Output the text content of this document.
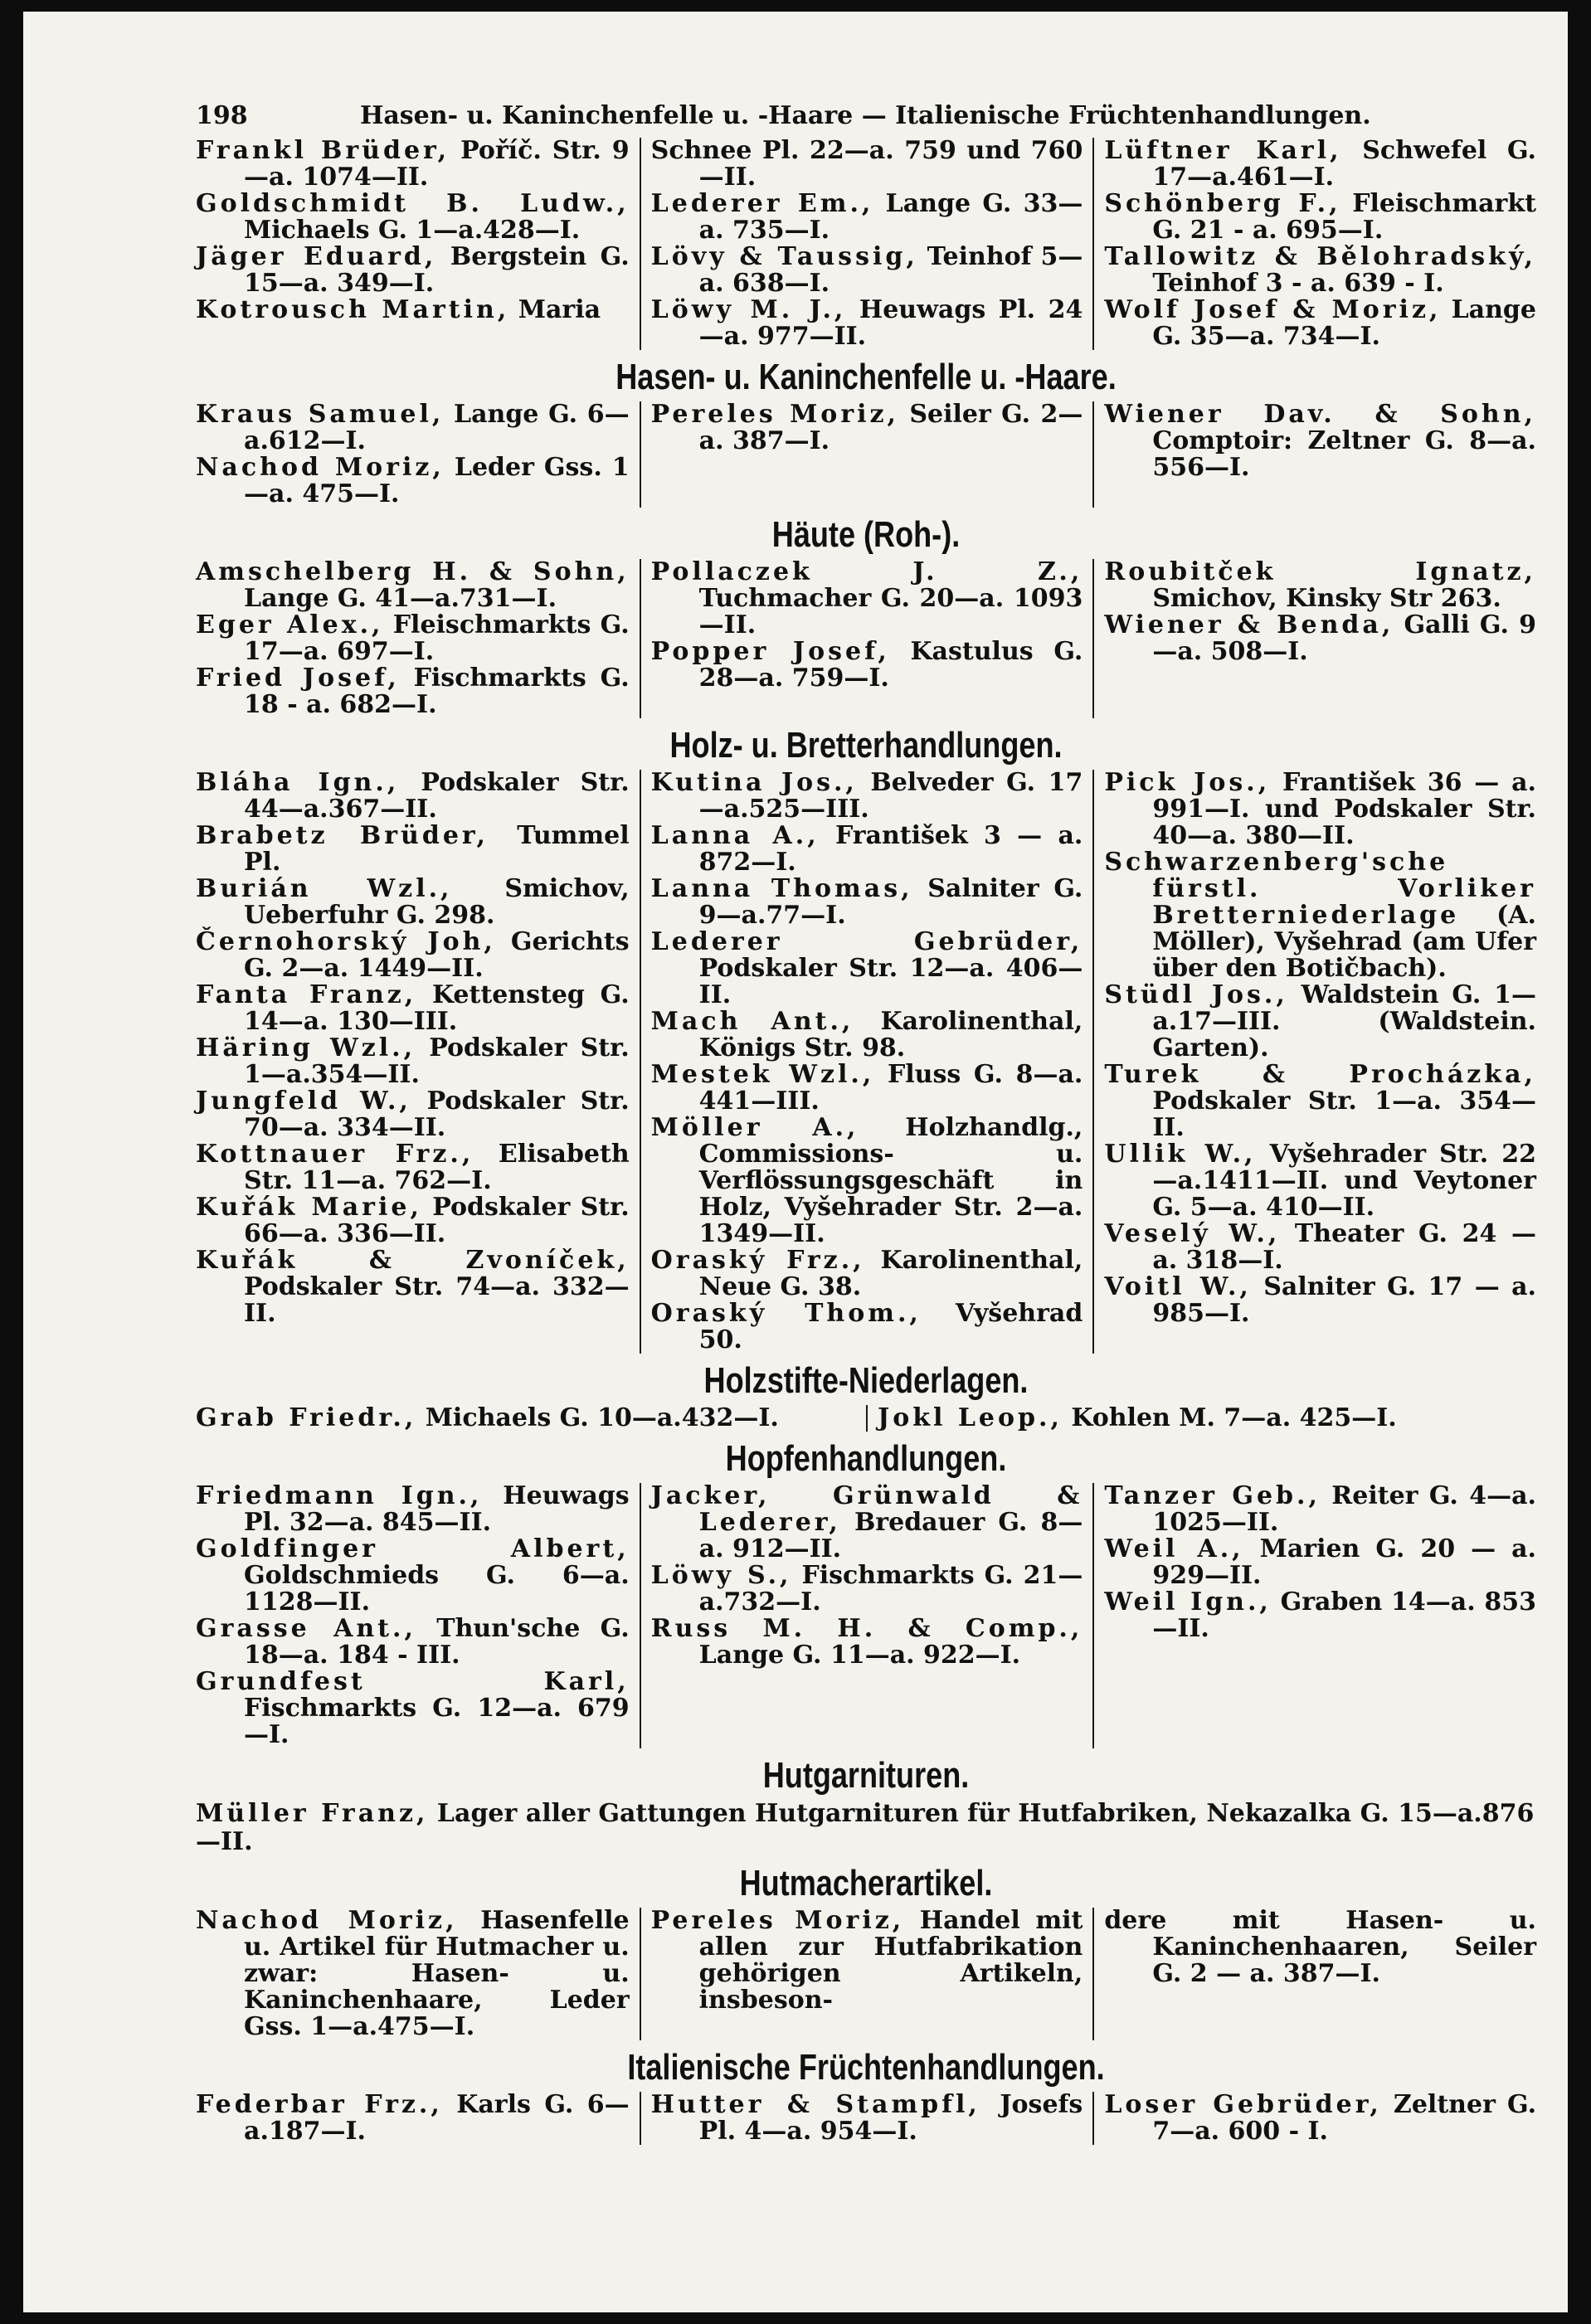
198	Hasen- u. Kaninchenfelle u. -Haare — Italienische Früchtenhandlungen.
Frankl Brüder, Poříč. Str. 9—a. 1074—II.
Goldschmidt B. Ludw., Michaels G. 1—a.428—I.
Jäger Eduard, Bergstein G. 15—a. 349—I.
Kotrousch Martin, Maria
Schnee Pl. 22—a. 759 und 760—II.
Lederer Em., Lange G. 33—a. 735—I.
Lövy & Taussig, Teinhof 5—a. 638—I.
Löwy M. J., Heuwags Pl. 24—a. 977—II.
Lüftner Karl, Schwefel G. 17—a.461—I.
Schönberg F., Fleischmarkt G. 21 - a. 695—I.
Tallowitz & Bělohradský, Teinhof 3 - a. 639 - I.
Wolf Josef & Moriz, Lange G. 35—a. 734—I.
Hasen- u. Kaninchenfelle u. -Haare.
Kraus Samuel, Lange G. 6—a.612—I.
Nachod Moriz, Leder Gss. 1—a. 475—I.
Pereles Moriz, Seiler G. 2—a. 387—I.
Wiener Dav. & Sohn, Comptoir: Zeltner G. 8—a. 556—I.
Häute (Roh-).
Amschelberg H. & Sohn, Lange G. 41—a.731—I.
Eger Alex., Fleischmarkts G. 17—a. 697—I.
Fried Josef, Fischmarkts G. 18 - a. 682—I.
Pollaczek J. Z., Tuchmacher G. 20—a. 1093—II.
Popper Josef, Kastulus G. 28—a. 759—I.
Roubitček Ignatz, Smichov, Kinsky Str 263.
Wiener & Benda, Galli G. 9—a. 508—I.
Holz- u. Bretterhandlungen.
Bláha Ign., Podskaler Str. 44—a.367—II.
Brabetz Brüder, Tummel Pl.
Burián Wzl., Smichov, Ueberfuhr G. 298.
Černohorský Joh, Gerichts G. 2—a. 1449—II.
Fanta Franz, Kettensteg G. 14—a. 130—III.
Häring Wzl., Podskaler Str. 1—a.354—II.
Jungfeld W., Podskaler Str. 70—a. 334—II.
Kottnauer Frz., Elisabeth Str. 11—a. 762—I.
Kuřák Marie, Podskaler Str. 66—a. 336—II.
Kuřák & Zvoníček, Podskaler Str. 74—a. 332—II.
Kutina Jos., Belveder G. 17—a.525—III.
Lanna A., František 3 — a. 872—I.
Lanna Thomas, Salniter G. 9—a.77—I.
Lederer Gebrüder, Podskaler Str. 12—a. 406—II.
Mach Ant., Karolinenthal, Königs Str. 98.
Mestek Wzl., Fluss G. 8—a. 441—III.
Möller A., Holzhandlg., Commissions- u. Verflössungsgeschäft in Holz, Vyšehrader Str. 2—a. 1349—II.
Oraský Frz., Karolinenthal, Neue G. 38.
Oraský Thom., Vyšehrad 50.
Pick Jos., František 36 — a. 991—I. und Podskaler Str. 40—a. 380—II.
Schwarzenberg'sche fürstl. Vorliker Bretterniederlage (A. Möller), Vyšehrad (am Ufer über den Botičbach).
Stüdl Jos., Waldstein G. 1—a.17—III. (Waldstein. Garten).
Turek & Procházka, Podskaler Str. 1—a. 354—II.
Ullik W., Vyšehrader Str. 22—a.1411—II. und Veytoner G. 5—a. 410—II.
Veselý W., Theater G. 24 — a. 318—I.
Voitl W., Salniter G. 17 — a. 985—I.
Holzstifte-Niederlagen.
Grab Friedr., Michaels G. 10—a.432—I.	Jokl Leop., Kohlen M. 7—a. 425—I.
Hopfenhandlungen.
Friedmann Ign., Heuwags Pl. 32—a. 845—II.
Goldfinger Albert, Goldschmieds G. 6—a. 1128—II.
Grasse Ant., Thun'sche G. 18—a. 184 - III.
Grundfest Karl, Fischmarkts G. 12—a. 679—I.
Jacker, Grünwald & Lederer, Bredauer G. 8—a. 912—II.
Löwy S., Fischmarkts G. 21—a.732—I.
Russ M. H. & Comp., Lange G. 11—a. 922—I.
Tanzer Geb., Reiter G. 4—a. 1025—II.
Weil A., Marien G. 20 — a. 929—II.
Weil Ign., Graben 14—a. 853—II.
Hutgarnituren.
Müller Franz, Lager aller Gattungen Hutgarnituren für Hutfabriken, Nekazalka G. 15—a.876—II.
Hutmacherartikel.
Nachod Moriz, Hasenfelle u. Artikel für Hutmacher u. zwar: Hasen- u. Kaninchenhaare, Leder Gss. 1—a.475—I.
Pereles Moriz, Handel mit allen zur Hutfabrikation gehörigen Artikeln, insbeson-
dere mit Hasen- u. Kaninchenhaaren, Seiler G. 2 — a. 387—I.
Italienische Früchtenhandlungen.
Federbar Frz., Karls G. 6—a.187—I.
Hutter & Stampfl, Josefs Pl. 4—a. 954—I.
Loser Gebrüder, Zeltner G. 7—a. 600 - I.
